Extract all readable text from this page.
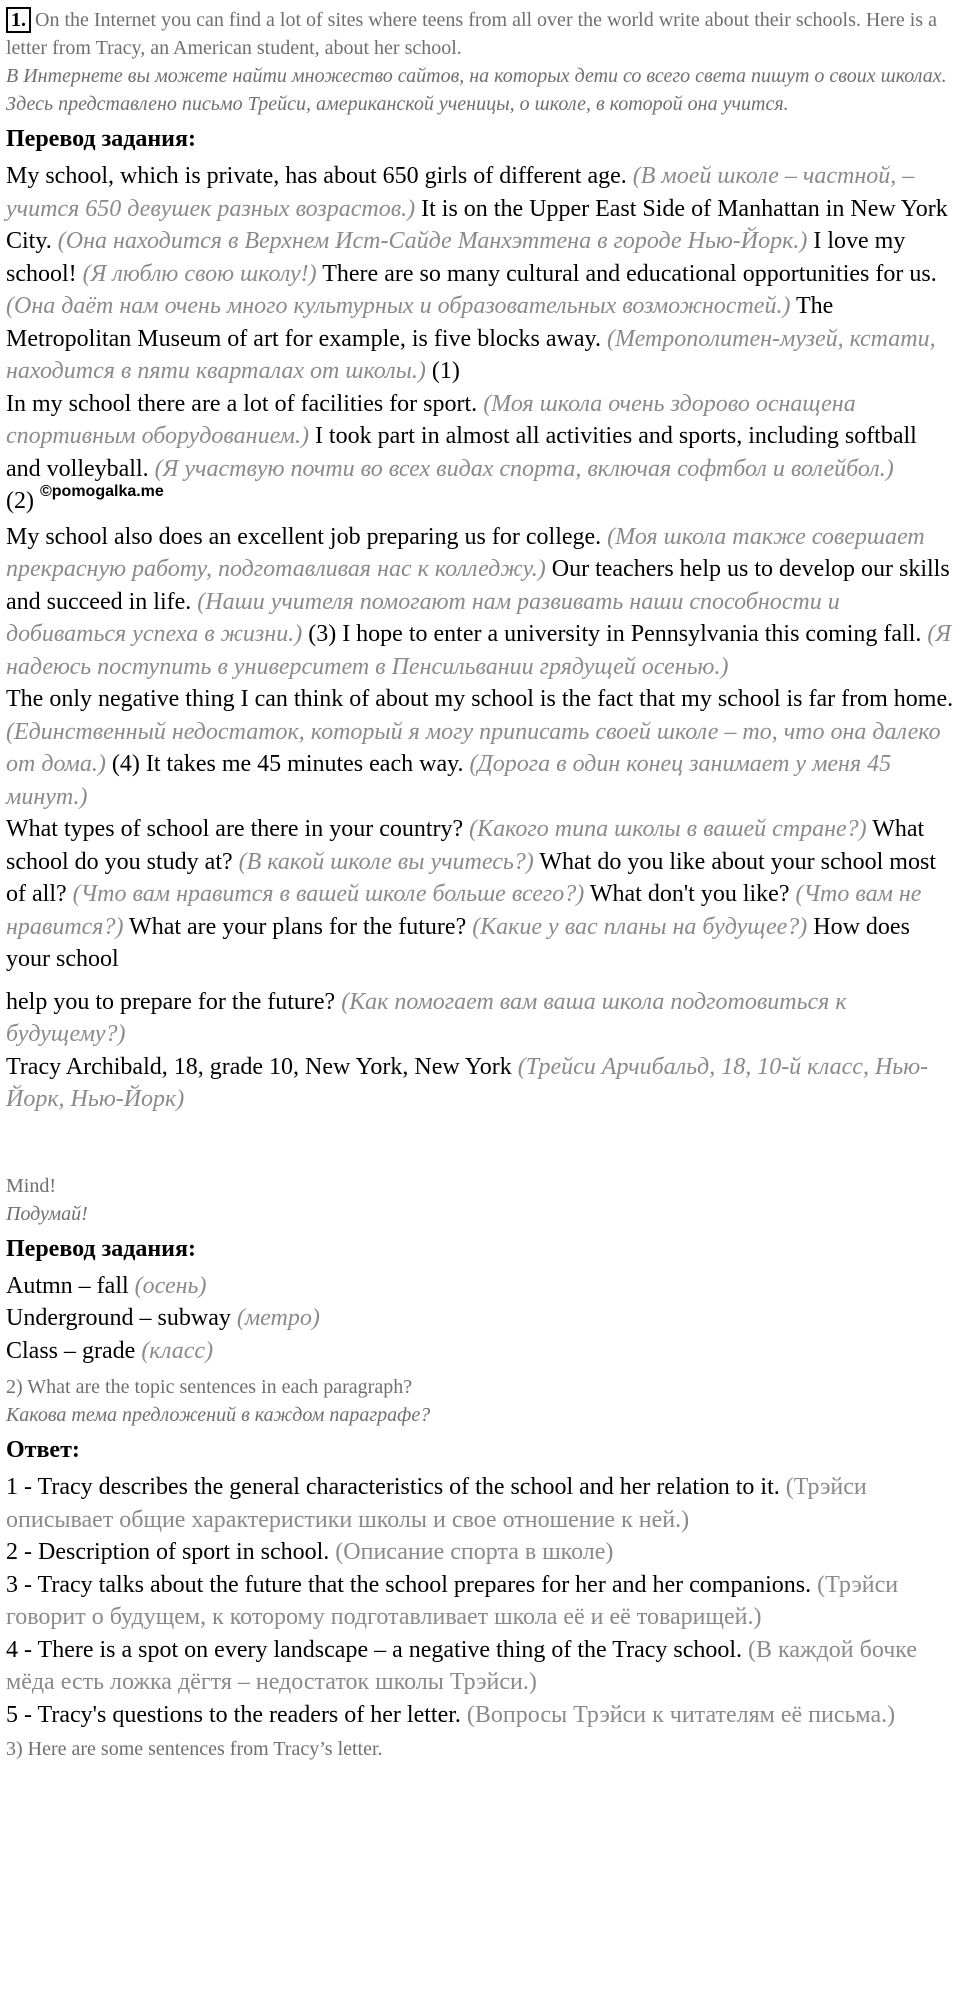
1. On the Internet you can find a lot of sites where teens from all over the world write about their schools. Here is a letter from Tracy, an American student, about her school.

В Интернете вы можете найти множество сайтов, на которых дети со всего света пишут о своих школах. Здесь представлено письмо Трейси, американской ученицы, о школе, в которой она учится.

Перевод задания:

My school, which is private, has about 650 girls of different age. (В моей школе – частной, – учится 650 девушек разных возрастов.) It is on the Upper East Side of Manhattan in New York City. (Она находится в Верхнем Ист-Сайде Манхэттена в городе Нью-Йорк.) I love my school! (Я люблю свою школу!) There are so many cultural and educational opportunities for us. (Она даёт нам очень много культурных и образовательных возможностей.) The Metropolitan Museum of art for example, is five blocks away. (Метрополитен-музей, кстати, находится в пяти кварталах от школы.) (1)

In my school there are a lot of facilities for sport. (Моя школа очень здорово оснащена спортивным оборудованием.) I took part in almost all activities and sports, including softball and volleyball. (Я участвую почти во всех видах спорта, включая софтбол и волейбол.) (2) $^{©pomogalka.me}$

My school also does an excellent job preparing us for college. (Моя школа также совершает прекрасную работу, подготавливая нас к колледжу.) Our teachers help us to develop our skills and succeed in life. (Наши учителя помогают нам развивать наши способности и добиваться успеха в жизни.) (3) I hope to enter a university in Pennsylvania this coming fall. (Я надеюсь поступить в университет в Пенсильвании грядущей осенью.)

The only negative thing I can think of about my school is the fact that my school is far from home. (Единственный недостаток, который я могу приписать своей школе – то, что она далеко от дома.) (4) It takes me 45 minutes each way. (Дорога в один конец занимает у меня 45 минут.)

What types of school are there in your country? (Какого типа школы в вашей стране?) What school do you study at? (В какой школе вы учитесь?) What do you like about your school most of all? (Что вам нравится в вашей школе больше всего?) What don't you like? (Что вам не нравится?) What are your plans for the future? (Какие у вас планы на будущее?) How does your school

help you to prepare for the future? (Как помогает вам ваша школа подготовиться к будущему?)

Tracy Archibald, 18, grade 10, New York, New York (Трейси Арчибальд, 18, 10-й класс, Нью-Йорк, Нью-Йорк)

Mind!

Подумай!

Перевод задания:

Autmn – fall (осень)

Underground – subway (метро)

Class – grade (класс)

2) What are the topic sentences in each paragraph?

Какова тема предложений в каждом параграфе?

Ответ:

1 - Tracy describes the general characteristics of the school and her relation to it. (Трэйси описывает общие характеристики школы и свое отношение к ней.)

2 - Description of sport in school. (Описание спорта в школе)

3 - Tracy talks about the future that the school prepares for her and her companions. (Трэйси говорит о будущем, к которому подготавливает школа её и её товарищей.)

4 - There is a spot on every landscape – a negative thing of the Tracy school. (В каждой бочке мёда есть ложка дёгтя – недостаток школы Трэйси.)

5 - Tracy's questions to the readers of her letter. (Вопросы Трэйси к читателям её письма.)

3) Here are some sentences from Tracy’s letter.
